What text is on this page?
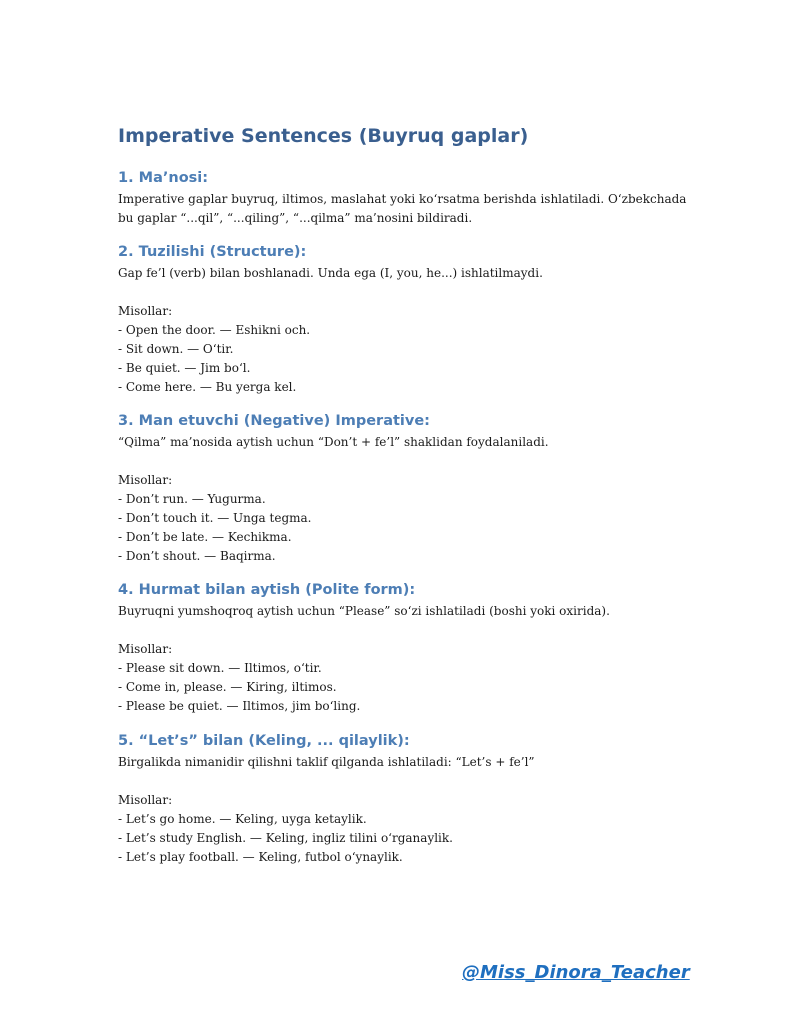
Imperative Sentences (Buyruq gaplar)
1. Ma’nosi:
Imperative gaplar buyruq, iltimos, maslahat yoki ko‘rsatma berishda ishlatiladi. O‘zbekchada bu gaplar “...qil”, “...qiling”, “...qilma” ma’nosini bildiradi.
2. Tuzilishi (Structure):
Gap fe’l (verb) bilan boshlanadi. Unda ega (I, you, he...) ishlatilmaydi.
Misollar:
- Open the door. — Eshikni och.
- Sit down. — O‘tir.
- Be quiet. — Jim bo‘l.
- Come here. — Bu yerga kel.
3. Man etuvchi (Negative) Imperative:
“Qilma” ma’nosida aytish uchun “Don’t + fe’l” shaklidan foydalaniladi.
Misollar:
- Don’t run. — Yugurma.
- Don’t touch it. — Unga tegma.
- Don’t be late. — Kechikma.
- Don’t shout. — Baqirma.
4. Hurmat bilan aytish (Polite form):
Buyruqni yumshoqroq aytish uchun “Please” so‘zi ishlatiladi (boshi yoki oxirida).
Misollar:
- Please sit down. — Iltimos, o‘tir.
- Come in, please. — Kiring, iltimos.
- Please be quiet. — Iltimos, jim bo‘ling.
5. “Let’s” bilan (Keling, ... qilaylik):
Birgalikda nimanidir qilishni taklif qilganda ishlatiladi: “Let’s + fe’l”
Misollar:
- Let’s go home. — Keling, uyga ketaylik.
- Let’s study English. — Keling, ingliz tilini o‘rganaylik.
- Let’s play football. — Keling, futbol o‘ynaylik.
@Miss_Dinora_Teacher
